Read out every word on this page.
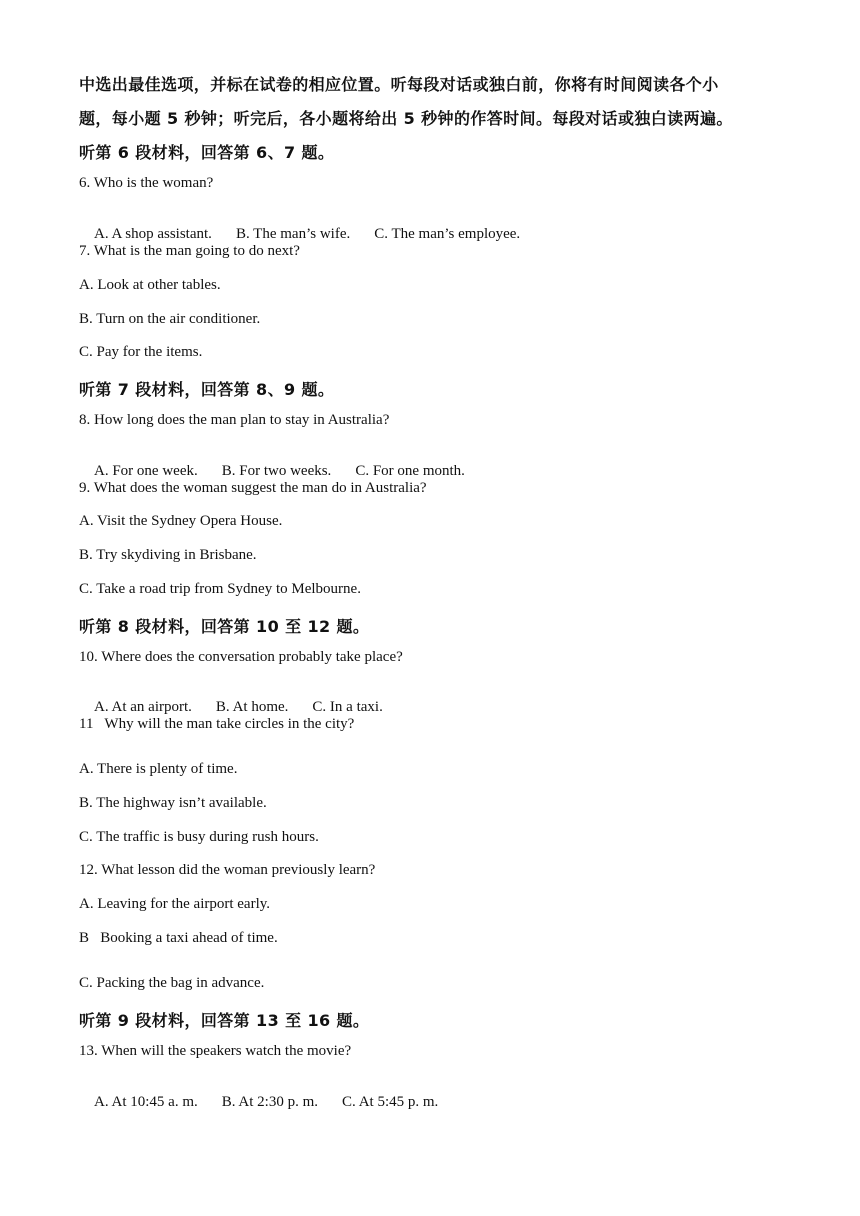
中选出最佳选项，并标在试卷的相应位置。听每段对话或独白前，你将有时间阅读各个小
题，每小题 5 秒钟；听完后，各小题将给出 5 秒钟的作答时间。每段对话或独白读两遍。
听第 6 段材料，回答第 6、7 题。
6. Who is the woman?

A. A shop assistant. B. The man’s wife. C. The man’s employee.

7. What is the man going to do next?
A. Look at other tables.
B. Turn on the air conditioner.
C. Pay for the items.
听第 7 段材料，回答第 8、9 题。
8. How long does the man plan to stay in Australia?

A. For one week. B. For two weeks. C. For one month.

9. What does the woman suggest the man do in Australia?
A. Visit the Sydney Opera House.
B. Try skydiving in Brisbane.
C. Take a road trip from Sydney to Melbourne.
听第 8 段材料，回答第 10 至 12 题。
10. Where does the conversation probably take place?

A. At an airport. B. At home. C. In a taxi.

11   Why will the man take circles in the city?
A. There is plenty of time.
B. The highway isn’t available.
C. The traffic is busy during rush hours.
12. What lesson did the woman previously learn?
A. Leaving for the airport early.
B   Booking a taxi ahead of time.
C. Packing the bag in advance.
听第 9 段材料，回答第 13 至 16 题。
13. When will the speakers watch the movie?

A. At 10:45 a. m. B. At 2:30 p. m. C. At 5:45 p. m.
